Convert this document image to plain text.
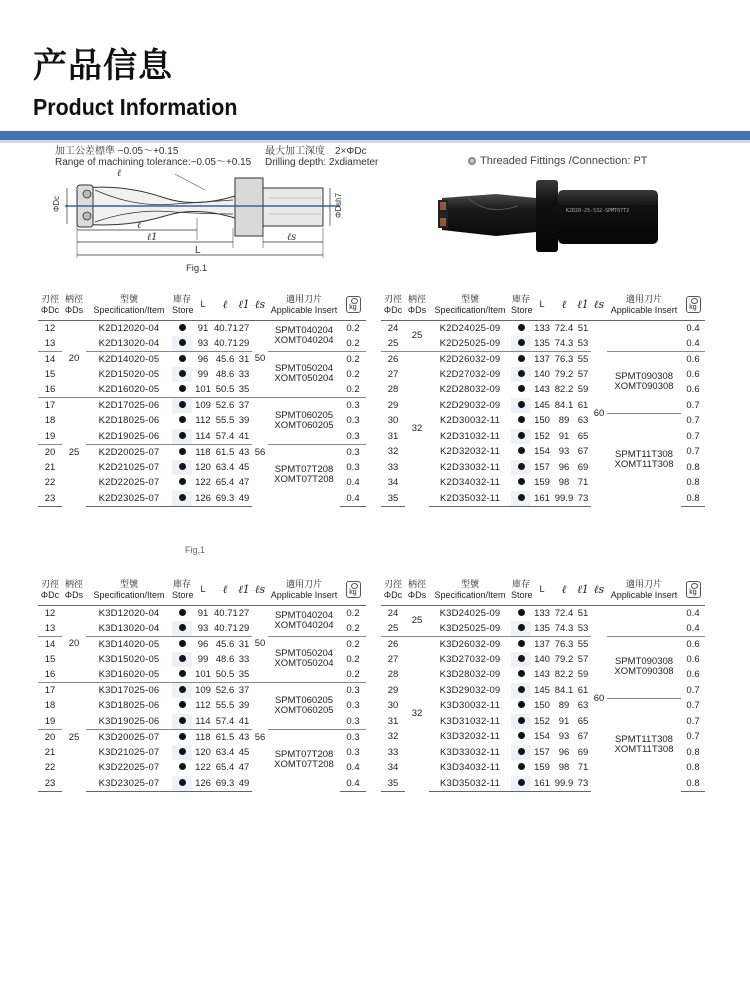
产品信息
Product Information
加工公差標準 −0.05～+0.15
Range of machining tolerance:−0.05～+0.15
最大加工深度　2×ΦDc
Drilling depth: 2xdiameter
ℓ
ℓ
ℓ1
L
ℓs
ΦDc	ΦDsh7
Fig.1
Threaded Fittings /Connection: PT
K2D20-25-S32-SPMT07T2
刃徑
ΦDc	柄徑
ΦDs	型號
Specification/Item	庫存
Store	L	ℓ	ℓ1	ℓs	適用刀片
Applicable Insert	kg
12	20	K2D12020-04		91	40.71	27	50	SPMT040204
XOMT040204	0.2
13		K2D13020-04		93	40.71	29			0.2
14		K2D14020-05		96	45.6	31		SPMT050204
XOMT050204	0.2
15		K2D15020-05		99	48.6	33			0.2
16		K2D16020-05		101	50.5	35			0.2
17	25	K2D17025-06		109	52.6	37	56	SPMT060205
XOMT060205	0.3
18		K2D18025-06		112	55.5	39			0.3
19		K2D19025-06		114	57.4	41			0.3
20		K2D20025-07		118	61.5	43		SPMT07T208
XOMT07T208	0.3
21		K2D21025-07		120	63.4	45			0.3
22		K2D22025-07		122	65.4	47			0.4
23		K2D23025-07		126	69.3	49			0.4
刃徑
ΦDc	柄徑
ΦDs	型號
Specification/Item	庫存
Store	L	ℓ	ℓ1	ℓs	適用刀片
Applicable Insert	kg
24	25	K2D24025-09		133	72.4	51	60		0.4
25		K2D25025-09		135	74.3	53			0.4
26	32	K2D26032-09		137	76.3	55		SPMT090308
XOMT090308	0.6
27		K2D27032-09		140	79.2	57			0.6
28		K2D28032-09		143	82.2	59			0.6
29		K2D29032-09		145	84.1	61			0.7
30		K2D30032-11		150	89	63		SPMT11T308
XOMT11T308	0.7
31		K2D31032-11		152	91	65			0.7
32		K2D32032-11		154	93	67			0.7
33		K2D33032-11		157	96	69			0.8
34		K2D34032-11		159	98	71			0.8
35		K2D35032-11		161	99.9	73			0.8
Fig.1
刃徑
ΦDc	柄徑
ΦDs	型號
Specification/Item	庫存
Store	L	ℓ	ℓ1	ℓs	適用刀片
Applicable Insert	kg
12	20	K3D12020-04		91	40.71	27	50	SPMT040204
XOMT040204	0.2
13		K3D13020-04		93	40.71	29			0.2
14		K3D14020-05		96	45.6	31		SPMT050204
XOMT050204	0.2
15		K3D15020-05		99	48.6	33			0.2
16		K3D16020-05		101	50.5	35			0.2
17	25	K3D17025-06		109	52.6	37	56	SPMT060205
XOMT060205	0.3
18		K3D18025-06		112	55.5	39			0.3
19		K3D19025-06		114	57.4	41			0.3
20		K3D20025-07		118	61.5	43		SPMT07T208
XOMT07T208	0.3
21		K3D21025-07		120	63.4	45			0.3
22		K3D22025-07		122	65.4	47			0.4
23		K3D23025-07		126	69.3	49			0.4
刃徑
ΦDc	柄徑
ΦDs	型號
Specification/Item	庫存
Store	L	ℓ	ℓ1	ℓs	適用刀片
Applicable Insert	kg
24	25	K3D24025-09		133	72.4	51	60		0.4
25		K3D25025-09		135	74.3	53			0.4
26	32	K3D26032-09		137	76.3	55		SPMT090308
XOMT090308	0.6
27		K3D27032-09		140	79.2	57			0.6
28		K3D28032-09		143	82.2	59			0.6
29		K3D29032-09		145	84.1	61			0.7
30		K3D30032-11		150	89	63		SPMT11T308
XOMT11T308	0.7
31		K3D31032-11		152	91	65			0.7
32		K3D32032-11		154	93	67			0.7
33		K3D33032-11		157	96	69			0.8
34		K3D34032-11		159	98	71			0.8
35		K3D35032-11		161	99.9	73			0.8
